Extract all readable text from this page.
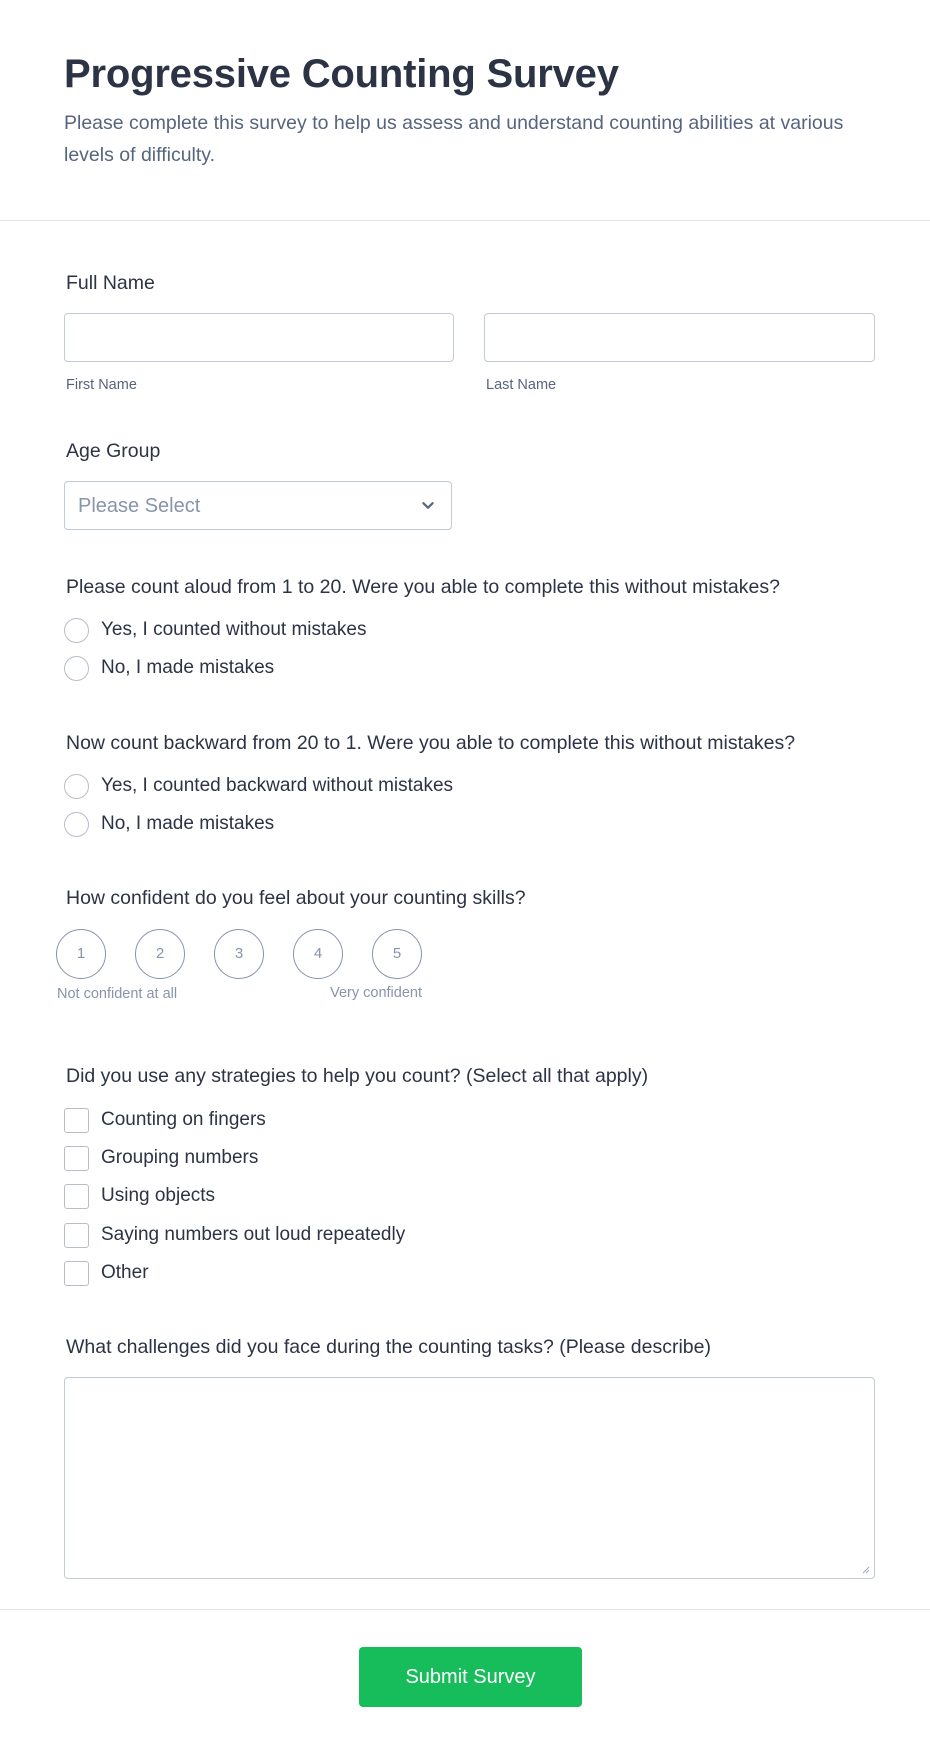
Progressive Counting Survey
Please complete this survey to help us assess and understand counting abilities at various levels of difficulty.
Full Name
First Name	Last Name
Age Group
Please Select
Please count aloud from 1 to 20. Were you able to complete this without mistakes?
Yes, I counted without mistakes
No, I made mistakes
Now count backward from 20 to 1. Were you able to complete this without mistakes?
Yes, I counted backward without mistakes
No, I made mistakes
How confident do you feel about your counting skills?
1	2	3	4	5
Not confident at all	Very confident
Did you use any strategies to help you count? (Select all that apply)
Counting on fingers
Grouping numbers
Using objects
Saying numbers out loud repeatedly
Other
What challenges did you face during the counting tasks? (Please describe)
Submit Survey
